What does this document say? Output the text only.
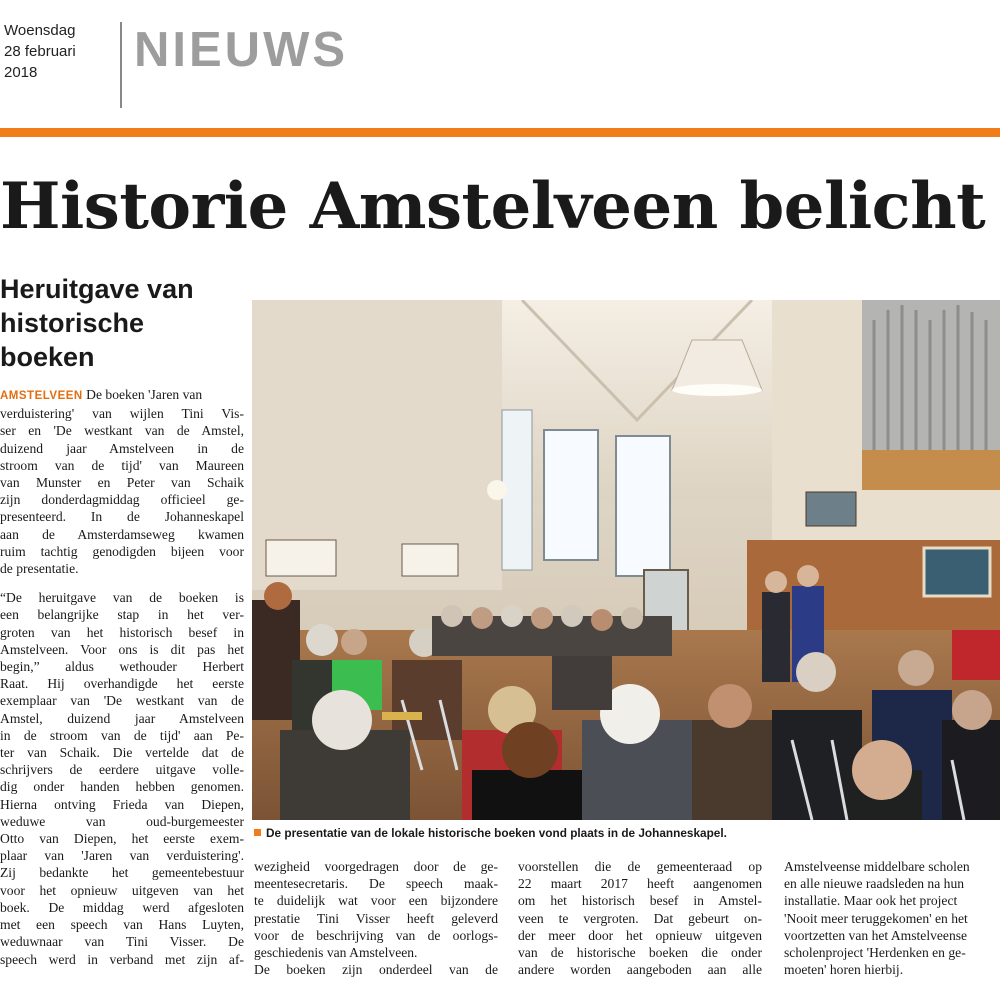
Woensdag
28 februari
2018	NIEUWS
Historie Amstelveen belicht
Heruitgave van
historische
boeken
AMSTELVEEN De boeken 'Jaren van
verduistering' van wijlen Tini Vis-
ser en 'De westkant van de Amstel,
duizend jaar Amstelveen in de
stroom van de tijd' van Maureen
van Munster en Peter van Schaik
zijn donderdagmiddag officieel ge-
presenteerd. In de Johanneskapel
aan de Amsterdamseweg kwamen
ruim tachtig genodigden bijeen voor
de presentatie.
“De heruitgave van de boeken is
een belangrijke stap in het ver-
groten van het historisch besef in
Amstelveen. Voor ons is dit pas het
begin,” aldus wethouder Herbert
Raat. Hij overhandigde het eerste
exemplaar van 'De westkant van de
Amstel, duizend jaar Amstelveen
in de stroom van de tijd' aan Pe-
ter van Schaik. Die vertelde dat de
schrijvers de eerdere uitgave volle-
dig onder handen hebben genomen.
Hierna ontving Frieda van Diepen,
weduwe van oud-burgemeester
Otto van Diepen, het eerste exem-
plaar van 'Jaren van verduistering'.
Zij bedankte het gemeentebestuur
voor het opnieuw uitgeven van het
boek. De middag werd afgesloten
met een speech van Hans Luyten,
weduwnaar van Tini Visser. De
speech werd in verband met zijn af-
De presentatie van de lokale historische boeken vond plaats in de Johanneskapel.
wezigheid voorgedragen door de ge-
meentesecretaris. De speech maak-
te duidelijk wat voor een bijzondere
prestatie Tini Visser heeft geleverd
voor de beschrijving van de oorlogs-
geschiedenis van Amstelveen.
De boeken zijn onderdeel van de
voorstellen die de gemeenteraad op
22 maart 2017 heeft aangenomen
om het historisch besef in Amstel-
veen te vergroten. Dat gebeurt on-
der meer door het opnieuw uitgeven
van de historische boeken die onder
andere worden aangeboden aan alle
Amstelveense middelbare scholen
en alle nieuwe raadsleden na hun
installatie. Maar ook het project
'Nooit meer teruggekomen' en het
voortzetten van het Amstelveense
scholenproject 'Herdenken en ge-
moeten' horen hierbij.
